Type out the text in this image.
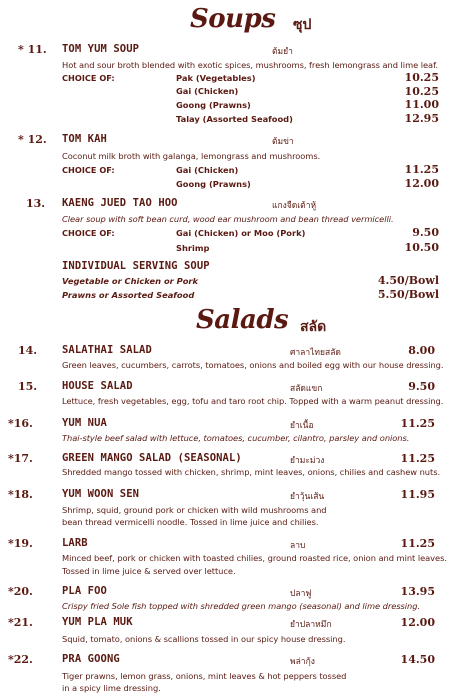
Soups ซุป
* 11. TOM YUM SOUP	ต้มยำ
Hot and sour broth blended with exotic spices, mushrooms, fresh lemongrass and lime leaf.
CHOICE OF:	Pak (Vegetables)	10.25
Gai (Chicken)	10.25
Goong (Prawns)	11.00
Talay (Assorted Seafood)	12.95
* 12. TOM KAH	ต้มข่า
Coconut milk broth with galanga, lemongrass and mushrooms.
CHOICE OF:	Gai (Chicken)	11.25
Goong (Prawns)	12.00
13. KAENG JUED TAO HOO	แกงจืดเต้าหู้
Clear soup with soft bean curd, wood ear mushroom and bean thread vermicelli.
CHOICE OF:	Gai (Chicken) or Moo (Pork)	9.50
Shrimp	10.50
INDIVIDUAL SERVING SOUP
Vegetable or Chicken or Pork	4.50/Bowl
Prawns or Assorted Seafood	5.50/Bowl
Salads สลัด
14. SALATHAI SALAD	ศาลาไทยสลัด	8.00
Green leaves, cucumbers, carrots, tomatoes, onions and boiled egg with our house dressing.
15. HOUSE SALAD	สลัดแขก	9.50
Lettuce, fresh vegetables, egg, tofu and taro root chip. Topped with a warm peanut dressing.
*16.	YUM NUA	ยำเนื้อ	11.25
Thai-style beef salad with lettuce, tomatoes, cucumber, cilantro, parsley and onions.
*17.	GREEN MANGO SALAD (SEASONAL)	ยำมะม่วง	11.25
Shredded mango tossed with chicken, shrimp, mint leaves, onions, chilies and cashew nuts.
*18.	YUM WOON SEN	ยำวุ้นเส้น	11.95
Shrimp, squid, ground pork or chicken with wild mushrooms and
bean thread vermicelli noodle. Tossed in lime juice and chilies.
*19.	LARB	ลาบ	11.25
Minced beef, pork or chicken with toasted chilies, ground roasted rice, onion and mint leaves.
Tossed in lime juice & served over lettuce.
*20.	PLA FOO	ปลาฟู	13.95
Crispy fried Sole fish topped with shredded green mango (seasonal) and lime dressing.
*21.	YUM PLA MUK	ยำปลาหมึก	12.00
Squid, tomato, onions & scallions tossed in our spicy house dressing.
*22.	PRA GOONG	พล่ากุ้ง	14.50
Tiger prawns, lemon grass, onions, mint leaves & hot peppers tossed
in a spicy lime dressing.
